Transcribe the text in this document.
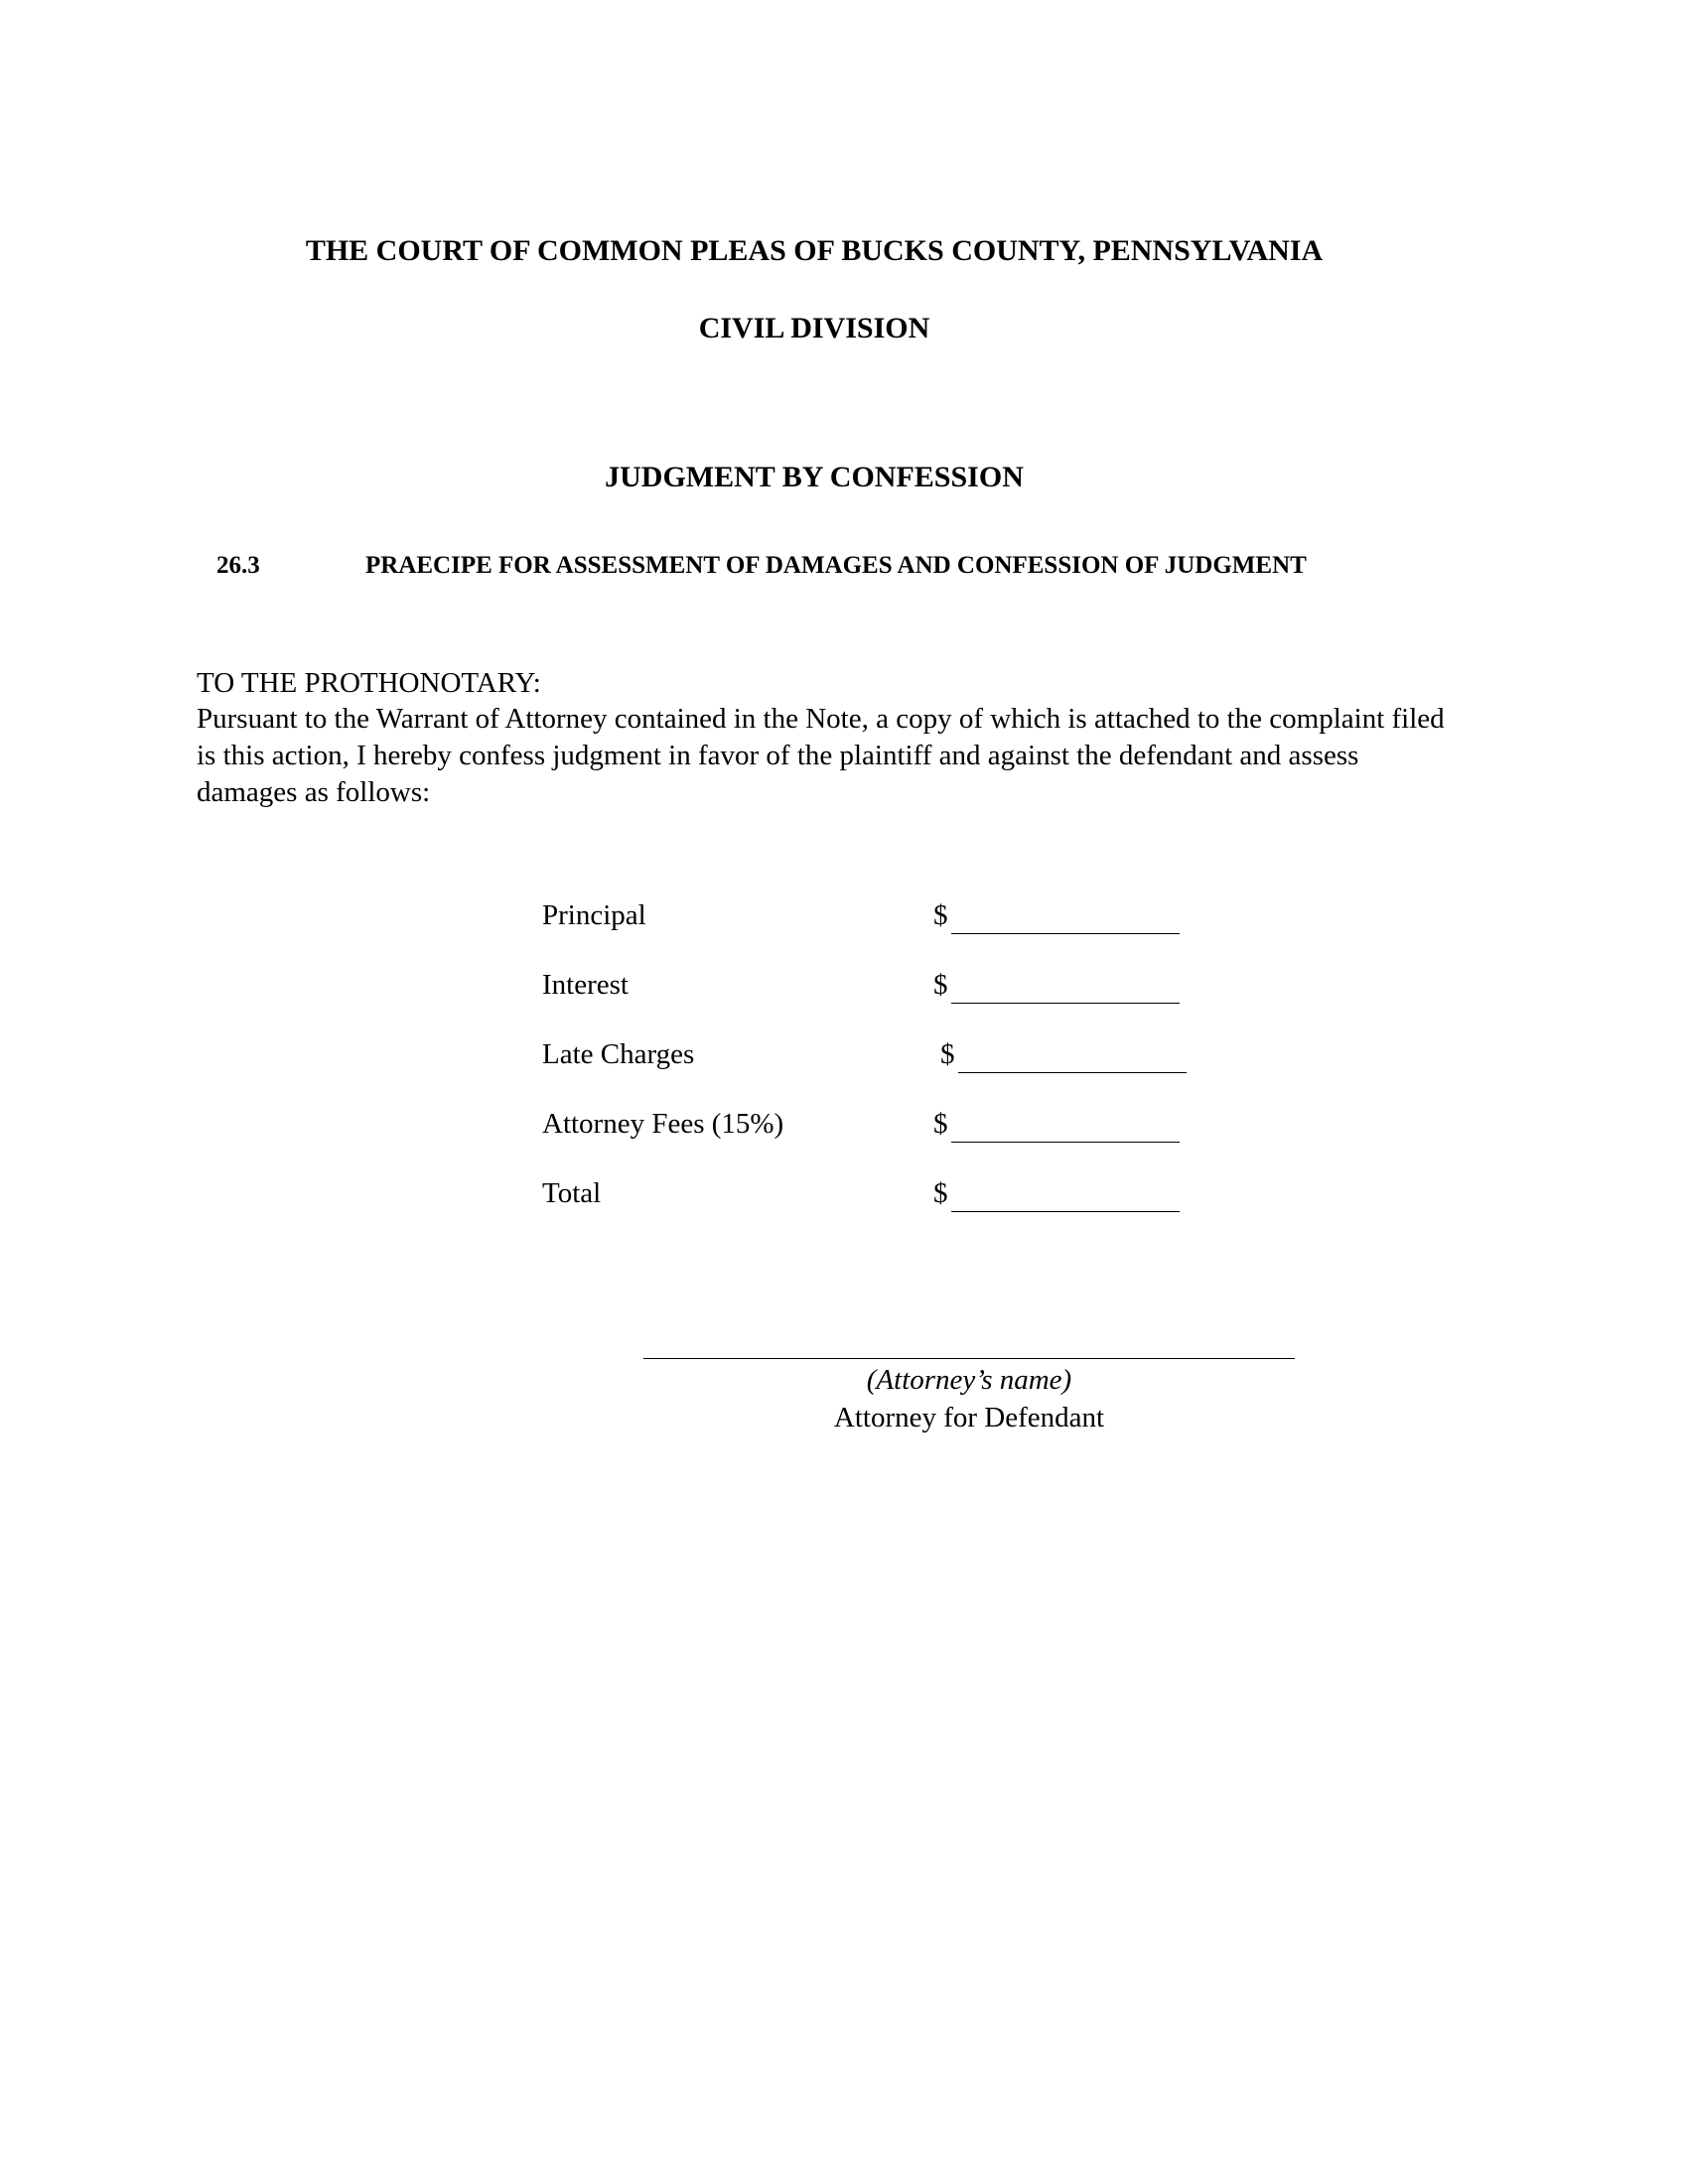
THE COURT OF COMMON PLEAS OF BUCKS COUNTY, PENNSYLVANIA
CIVIL DIVISION
JUDGMENT BY CONFESSION
26.3	PRAECIPE FOR ASSESSMENT OF DAMAGES AND CONFESSION OF JUDGMENT
TO THE PROTHONOTARY:
Pursuant to the Warrant of Attorney contained in the Note, a copy of which is attached to the complaint filed is this action, I hereby confess judgment in favor of the plaintiff and against the defendant and assess damages as follows:
Principal	$
Interest	$
Late Charges	$
Attorney Fees (15%)	$
Total	$
(Attorney’s name)
Attorney for Defendant
